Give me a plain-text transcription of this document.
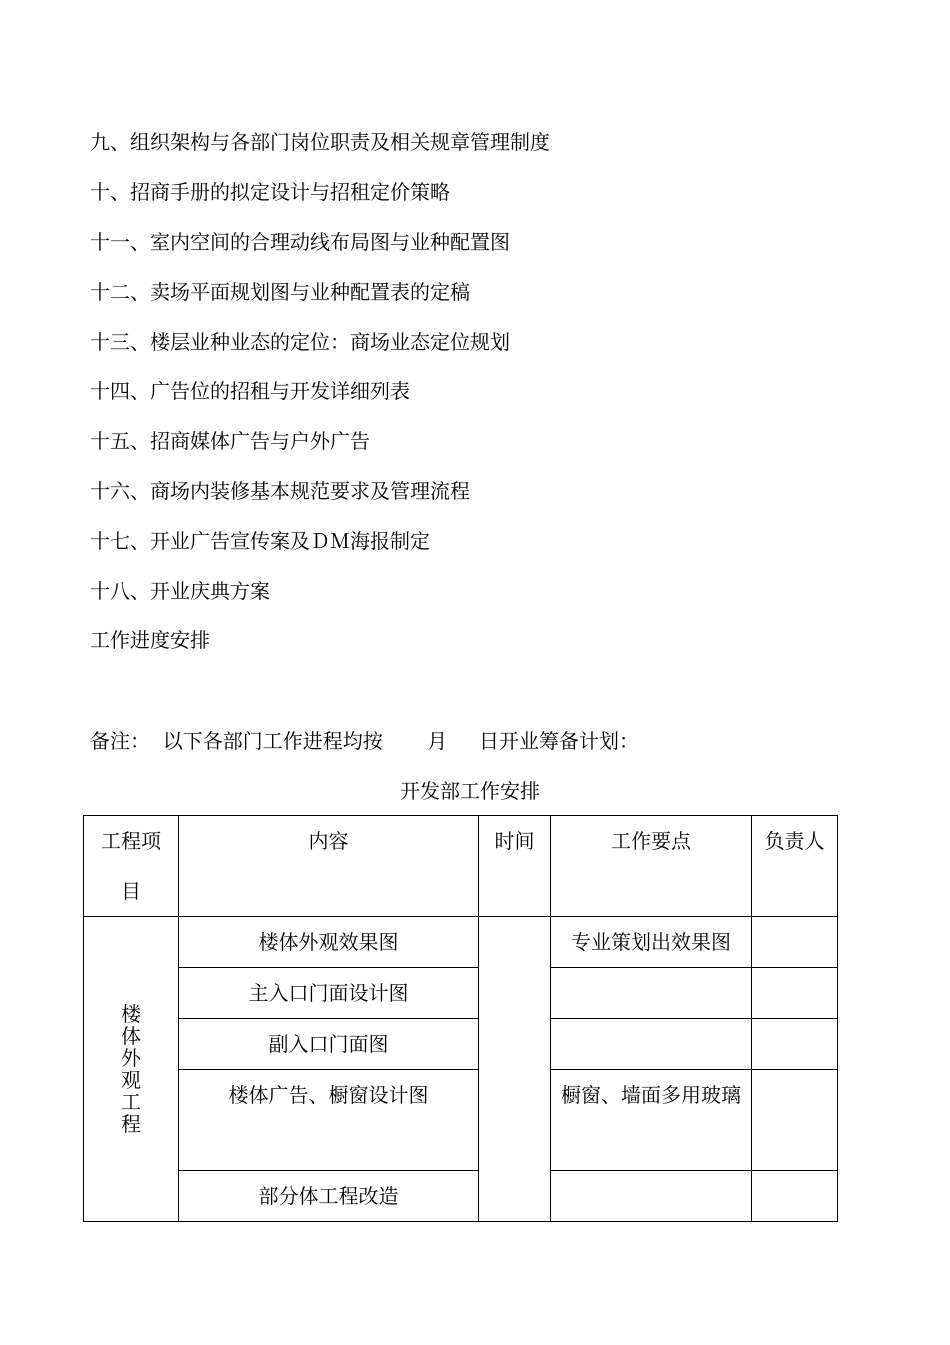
九、组织架构与各部门岗位职责及相关规章管理制度
十、招商手册的拟定设计与招租定价策略
十一、室内空间的合理动线布局图与业种配置图
十二、卖场平面规划图与业种配置表的定稿
十三、楼层业种业态的定位：商场业态定位规划
十四、广告位的招租与开发详细列表
十五、招商媒体广告与户外广告
十六、商场内装修基本规范要求及管理流程
十七、开业广告宣传案及ＤＭ海报制定
十八、开业庆典方案
工作进度安排
备注：  以下各部门工作进程均按       月     日开业筹备计划：
开发部工作安排
工程项目	内容	时间	工作要点	负责人

楼体外观工程	楼体外观效果图		专业策划出效果图	

	主入口门面设计图			

	副入口门面图			

	楼体广告、橱窗设计图		橱窗、墙面多用玻璃	

	部分体工程改造			
